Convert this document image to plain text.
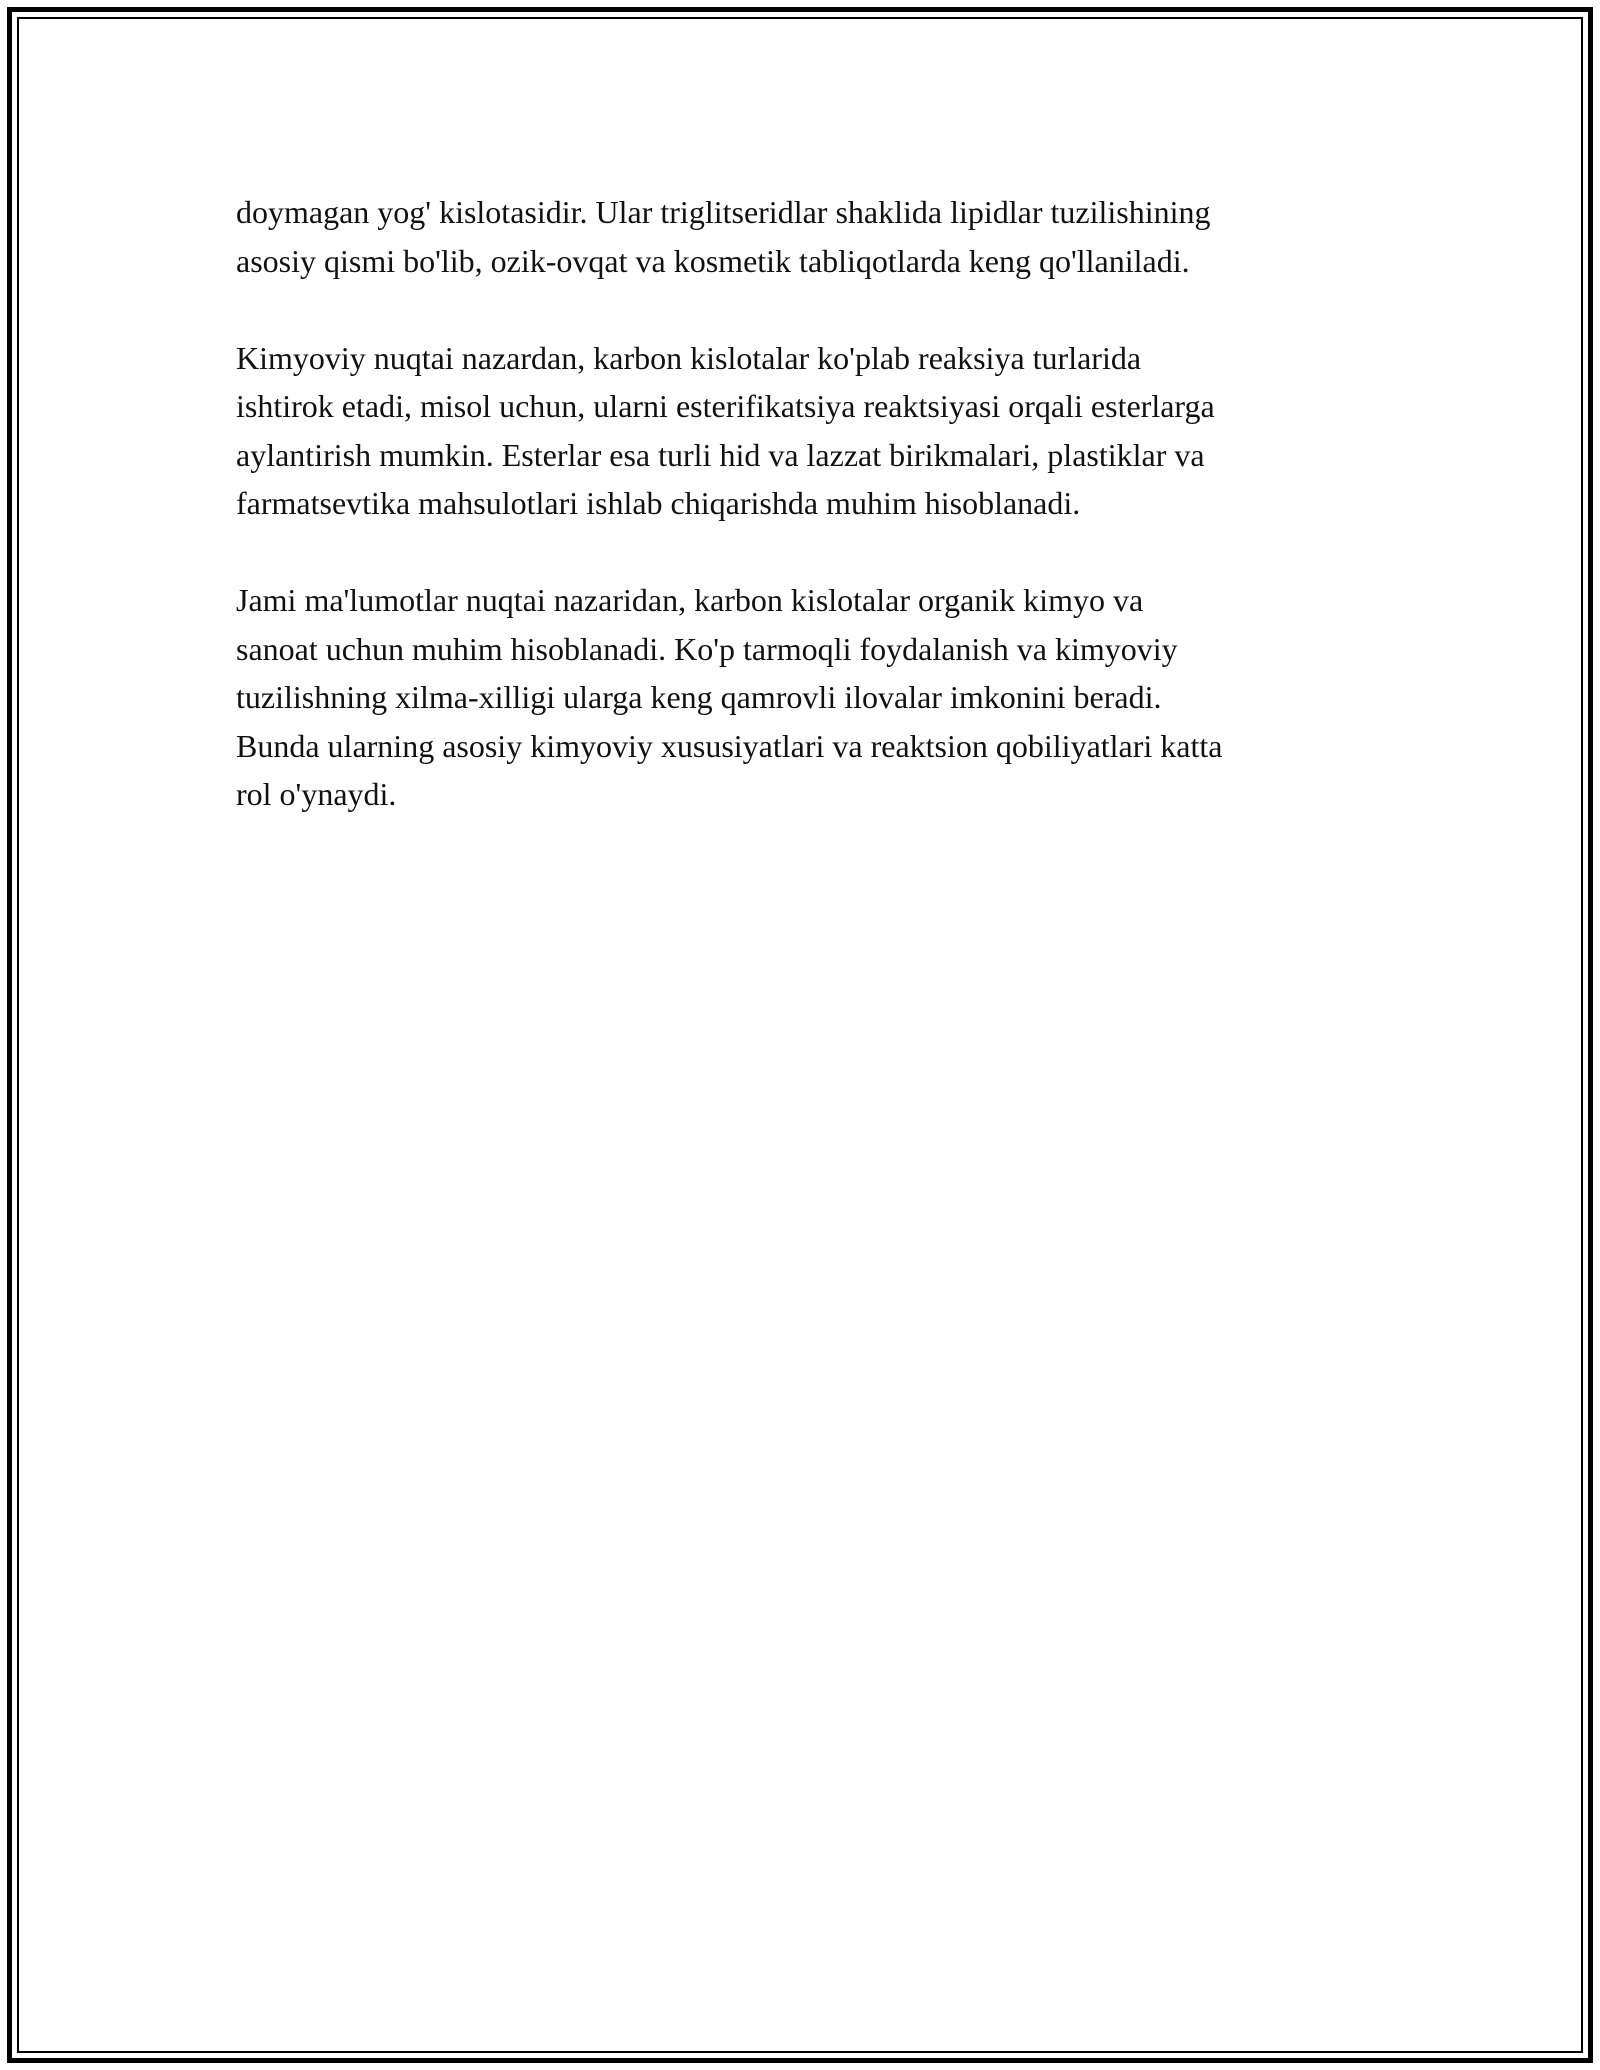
doymagan yog' kislotasidir. Ular triglitseridlar shaklida lipidlar tuzilishining
asosiy qismi bo'lib, ozik-ovqat va kosmetik tabliqotlarda keng qo'llaniladi.

Kimyoviy nuqtai nazardan, karbon kislotalar ko'plab reaksiya turlarida
ishtirok etadi, misol uchun, ularni esterifikatsiya reaktsiyasi orqali esterlarga
aylantirish mumkin. Esterlar esa turli hid va lazzat birikmalari, plastiklar va
farmatsevtika mahsulotlari ishlab chiqarishda muhim hisoblanadi.

Jami ma'lumotlar nuqtai nazaridan, karbon kislotalar organik kimyo va
sanoat uchun muhim hisoblanadi. Ko'p tarmoqli foydalanish va kimyoviy
tuzilishning xilma-xilligi ularga keng qamrovli ilovalar imkonini beradi.
Bunda ularning asosiy kimyoviy xususiyatlari va reaktsion qobiliyatlari katta
rol o'ynaydi.
